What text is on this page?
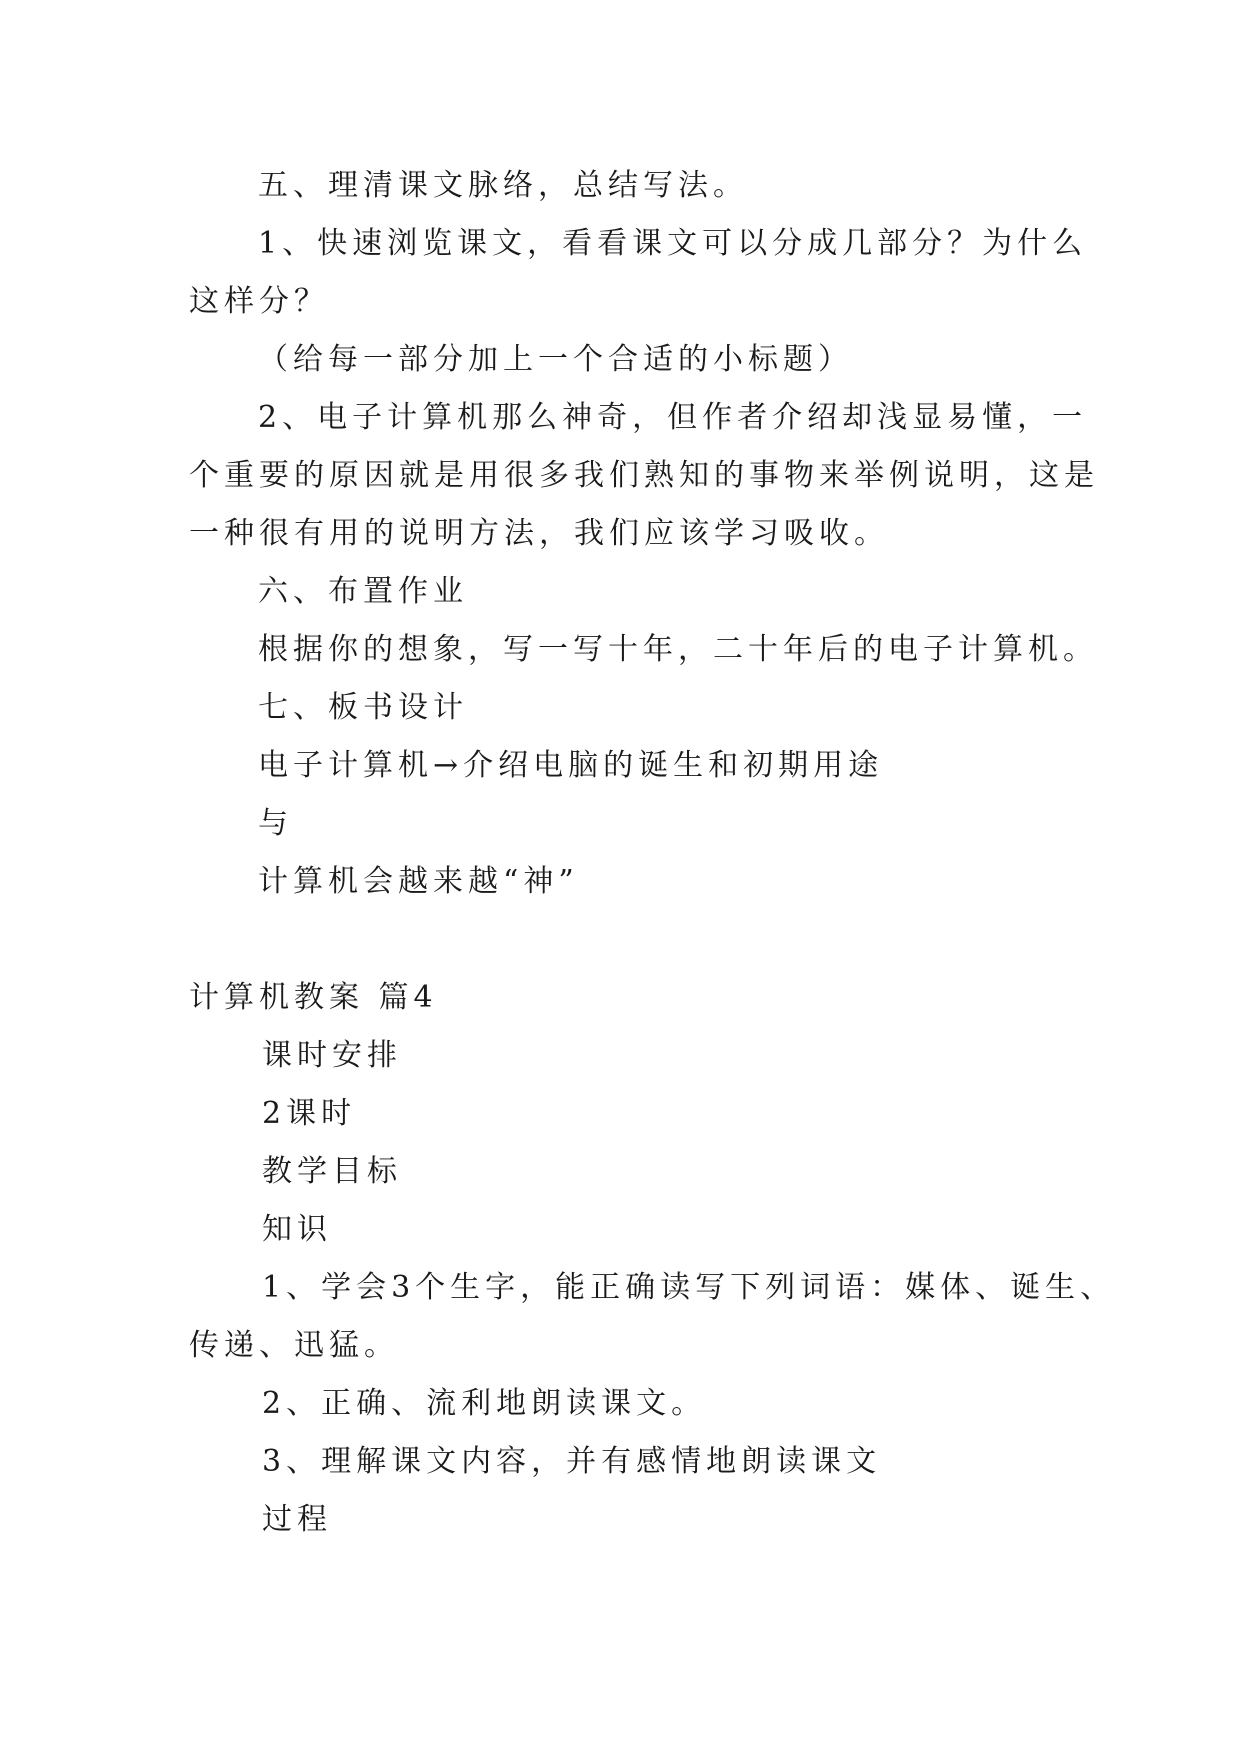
五、理清课文脉络，总结写法。
1、快速浏览课文，看看课文可以分成几部分？为什么
这样分？
（给每一部分加上一个合适的小标题）
2、电子计算机那么神奇，但作者介绍却浅显易懂，一
个重要的原因就是用很多我们熟知的事物来举例说明，这是
一种很有用的说明方法，我们应该学习吸收。
六、布置作业
根据你的想象，写一写十年，二十年后的电子计算机。
七、板书设计
电子计算机→介绍电脑的诞生和初期用途
与
计算机会越来越“神”
计算机教案 篇4
课时安排
2课时
教学目标
知识
1、学会3个生字，能正确读写下列词语：媒体、诞生、
传递、迅猛。
2、正确、流利地朗读课文。
3、理解课文内容，并有感情地朗读课文
过程
